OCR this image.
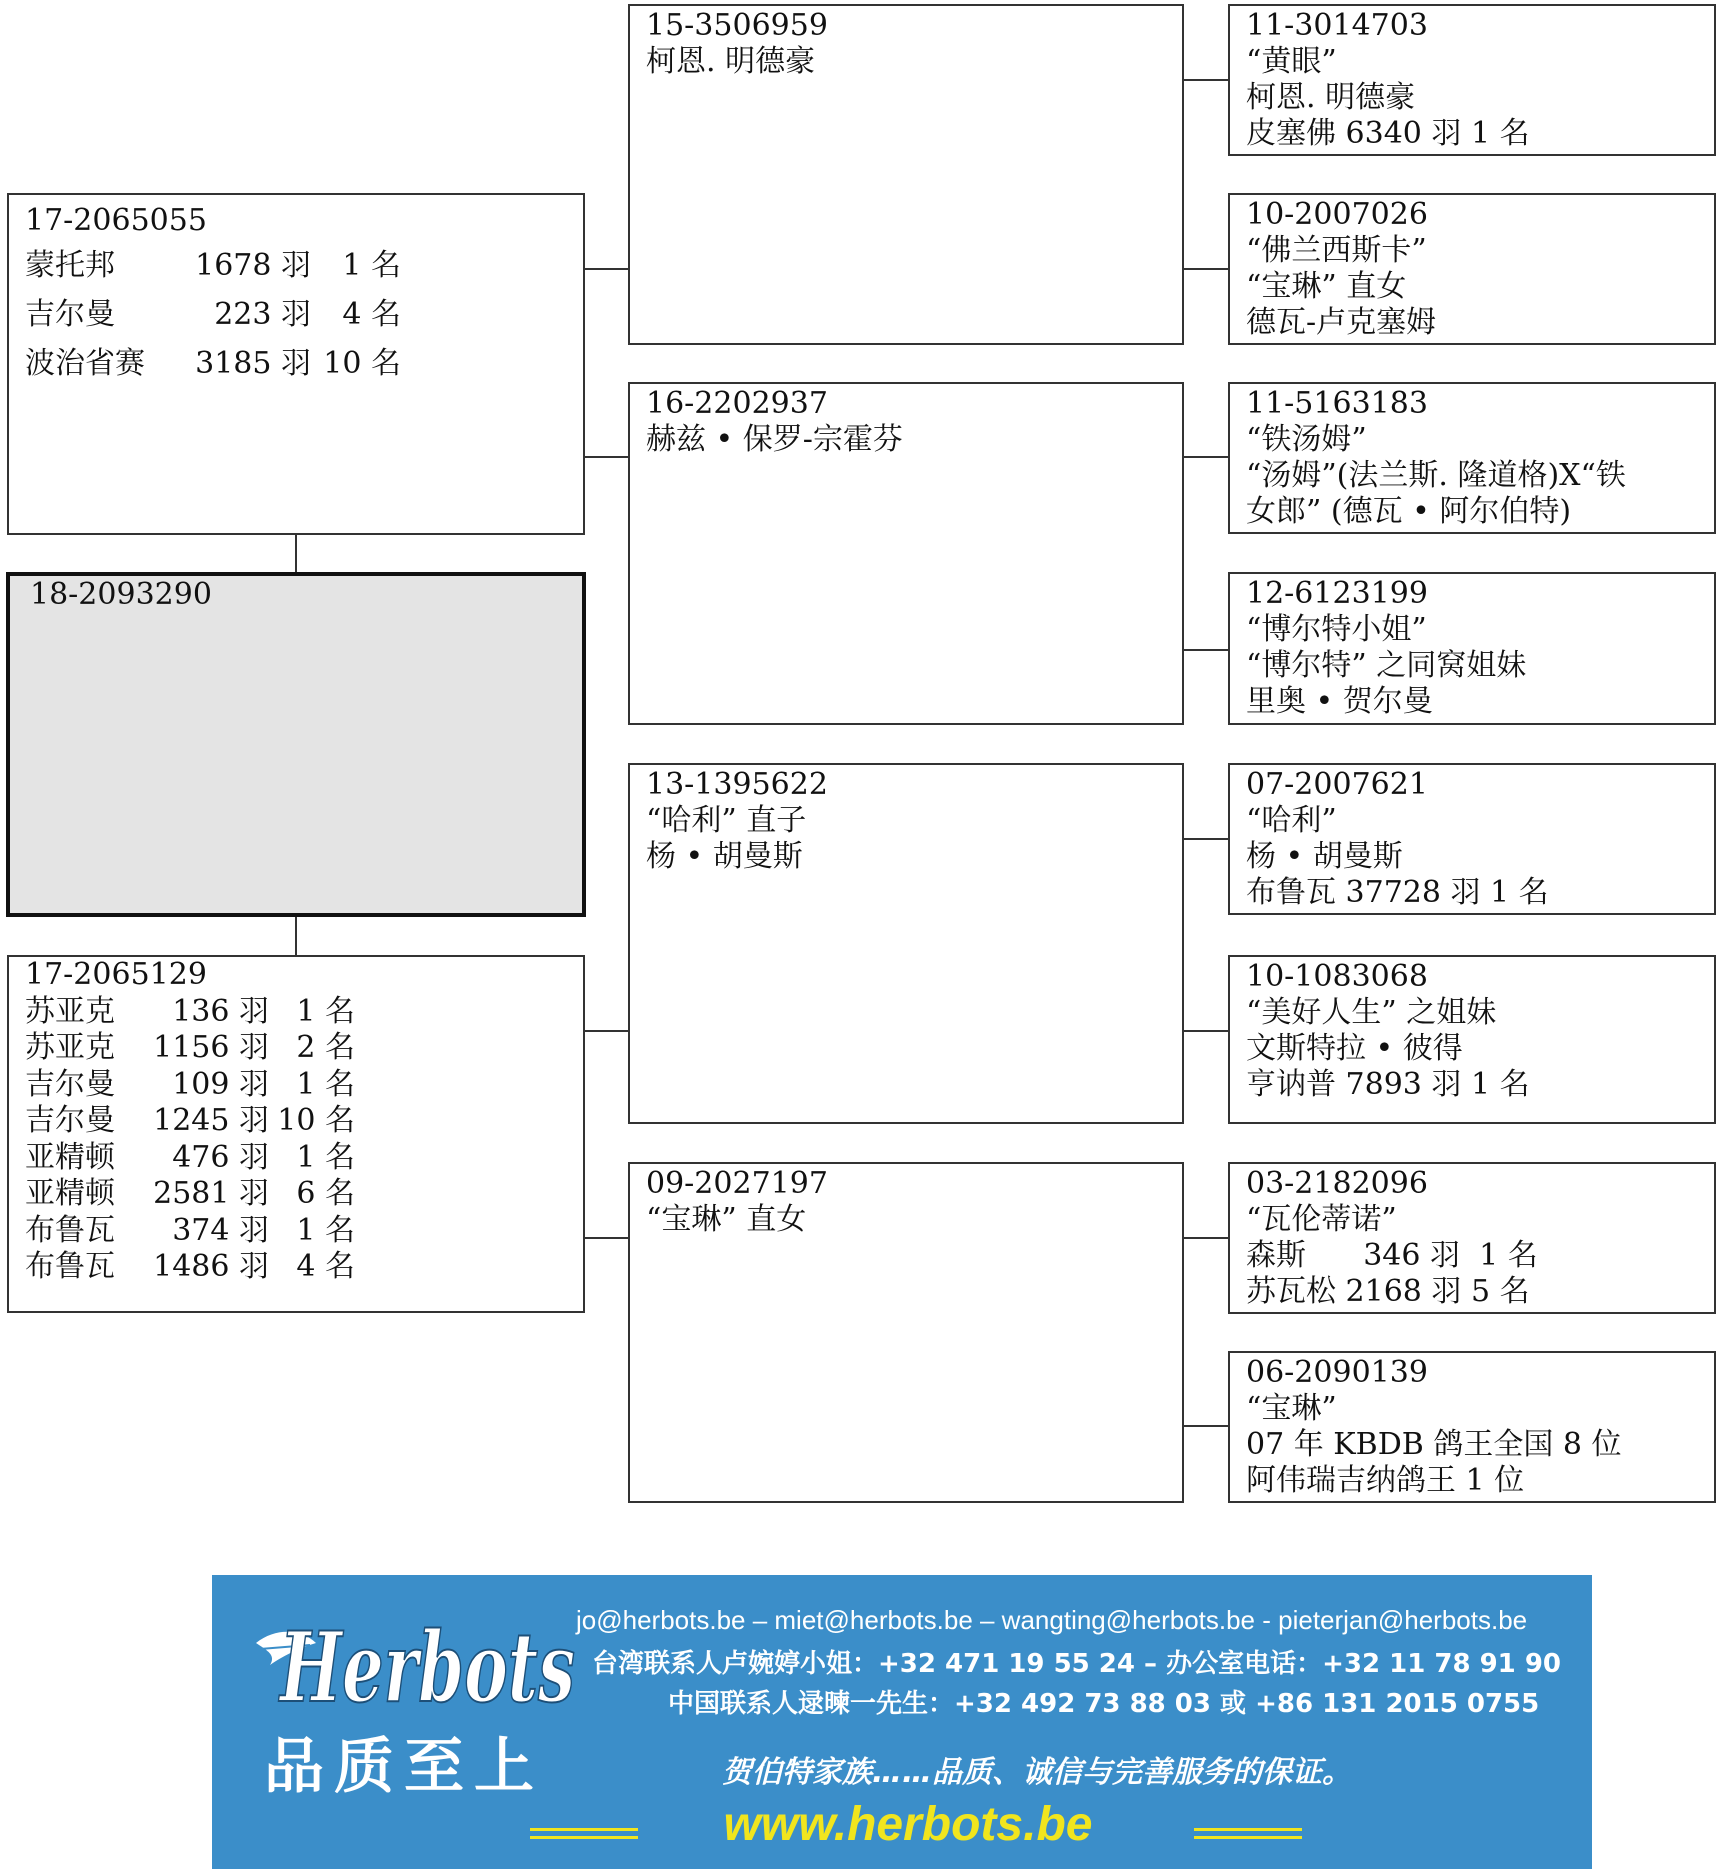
17-2065055
蒙托邦	1678 羽 1 名
吉尔曼	223 羽 4 名
波治省赛 3185 羽 10 名
18-2093290
17-2065129
苏亚克 136 羽 1 名
苏亚克 1156 羽 2 名
吉尔曼 109 羽 1 名
吉尔曼 1245 羽 10 名
亚精顿 476 羽 1 名
亚精顿 2581 羽 6 名
布鲁瓦 374 羽 1 名
布鲁瓦 1486 羽 4 名
15-3506959
柯恩. 明德豪
16-2202937
赫兹 • 保罗-宗霍芬
13-1395622
“哈利” 直子
杨 • 胡曼斯
09-2027197
“宝琳” 直女
11-3014703
“黄眼”
柯恩. 明德豪
皮塞佛 6340 羽 1 名
10-2007026
“佛兰西斯卡”
“宝琳” 直女
德瓦-卢克塞姆
11-5163183
“铁汤姆”
“汤姆”(法兰斯. 隆道格)X“铁
女郎” (德瓦 • 阿尔伯特)
12-6123199
“博尔特小姐”
“博尔特” 之同窝姐妹
里奥 • 贺尔曼
07-2007621
“哈利”
杨 • 胡曼斯
布鲁瓦 37728 羽 1 名
10-1083068
“美好人生” 之姐妹
文斯特拉 • 彼得
亨讷普 7893 羽 1 名
03-2182096
“瓦伦蒂诺”
森斯      346 羽  1 名
苏瓦松 2168 羽 5 名
06-2090139
“宝琳”
07 年 KBDB 鸽王全国 8 位
阿伟瑞吉纳鸽王 1 位
Herbots
品质至上
jo@herbots.be – miet@herbots.be – wangting@herbots.be - pieterjan@herbots.be
台湾联系人卢婉婷小姐：+32 471 19 55 24 – 办公室电话：+32 11 78 91 90
中国联系人逯暕一先生：+32 492 73 88 03 或 +86 131 2015 0755
贺伯特家族……品质、诚信与完善服务的保证。
www.herbots.be
